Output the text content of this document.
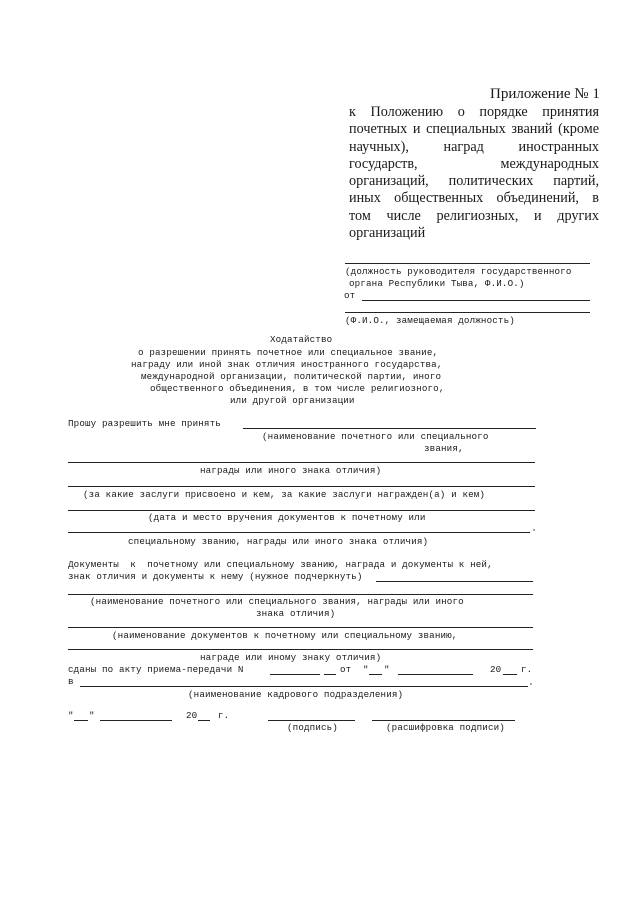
Приложение № 1
к Положению о порядке принятия
почетных и специальных званий (кроме
научных), наград иностранных
государств, международных
организаций, политических партий,
иных общественных объединений, в
том числе религиозных, и других
организаций
(должность руководителя государственного
органа Республики Тыва, Ф.И.О.)
от
(Ф.И.О., замещаемая должность)
Ходатайство
о разрешении принять почетное или специальное звание,
награду или иной знак отличия иностранного государства,
международной организации, политической партии, иного
общественного объединения, в том числе религиозного,
или другой организации
Прошу разрешить мне принять
(наименование почетного или специального
звания,
награды или иного знака отличия)
(за какие заслуги присвоено и кем, за какие заслуги награжден(а) и кем)
(дата и место вручения документов к почетному или
специальному званию, награды или иного знака отличия)
Документы  к  почетному или специальному званию, награда и документы к ней,
знак отличия и документы к нему (нужное подчеркнуть)
(наименование почетного или специального звания, награды или иного
знака отличия)
(наименование документов к почетному или специальному званию,
награде или иному знаку отличия)
сданы по акту приема-передачи N	от " "	20 г.
в
(наименование кадрового подразделения)
" "	20 г.
(подпись)	(расшифровка подписи)
